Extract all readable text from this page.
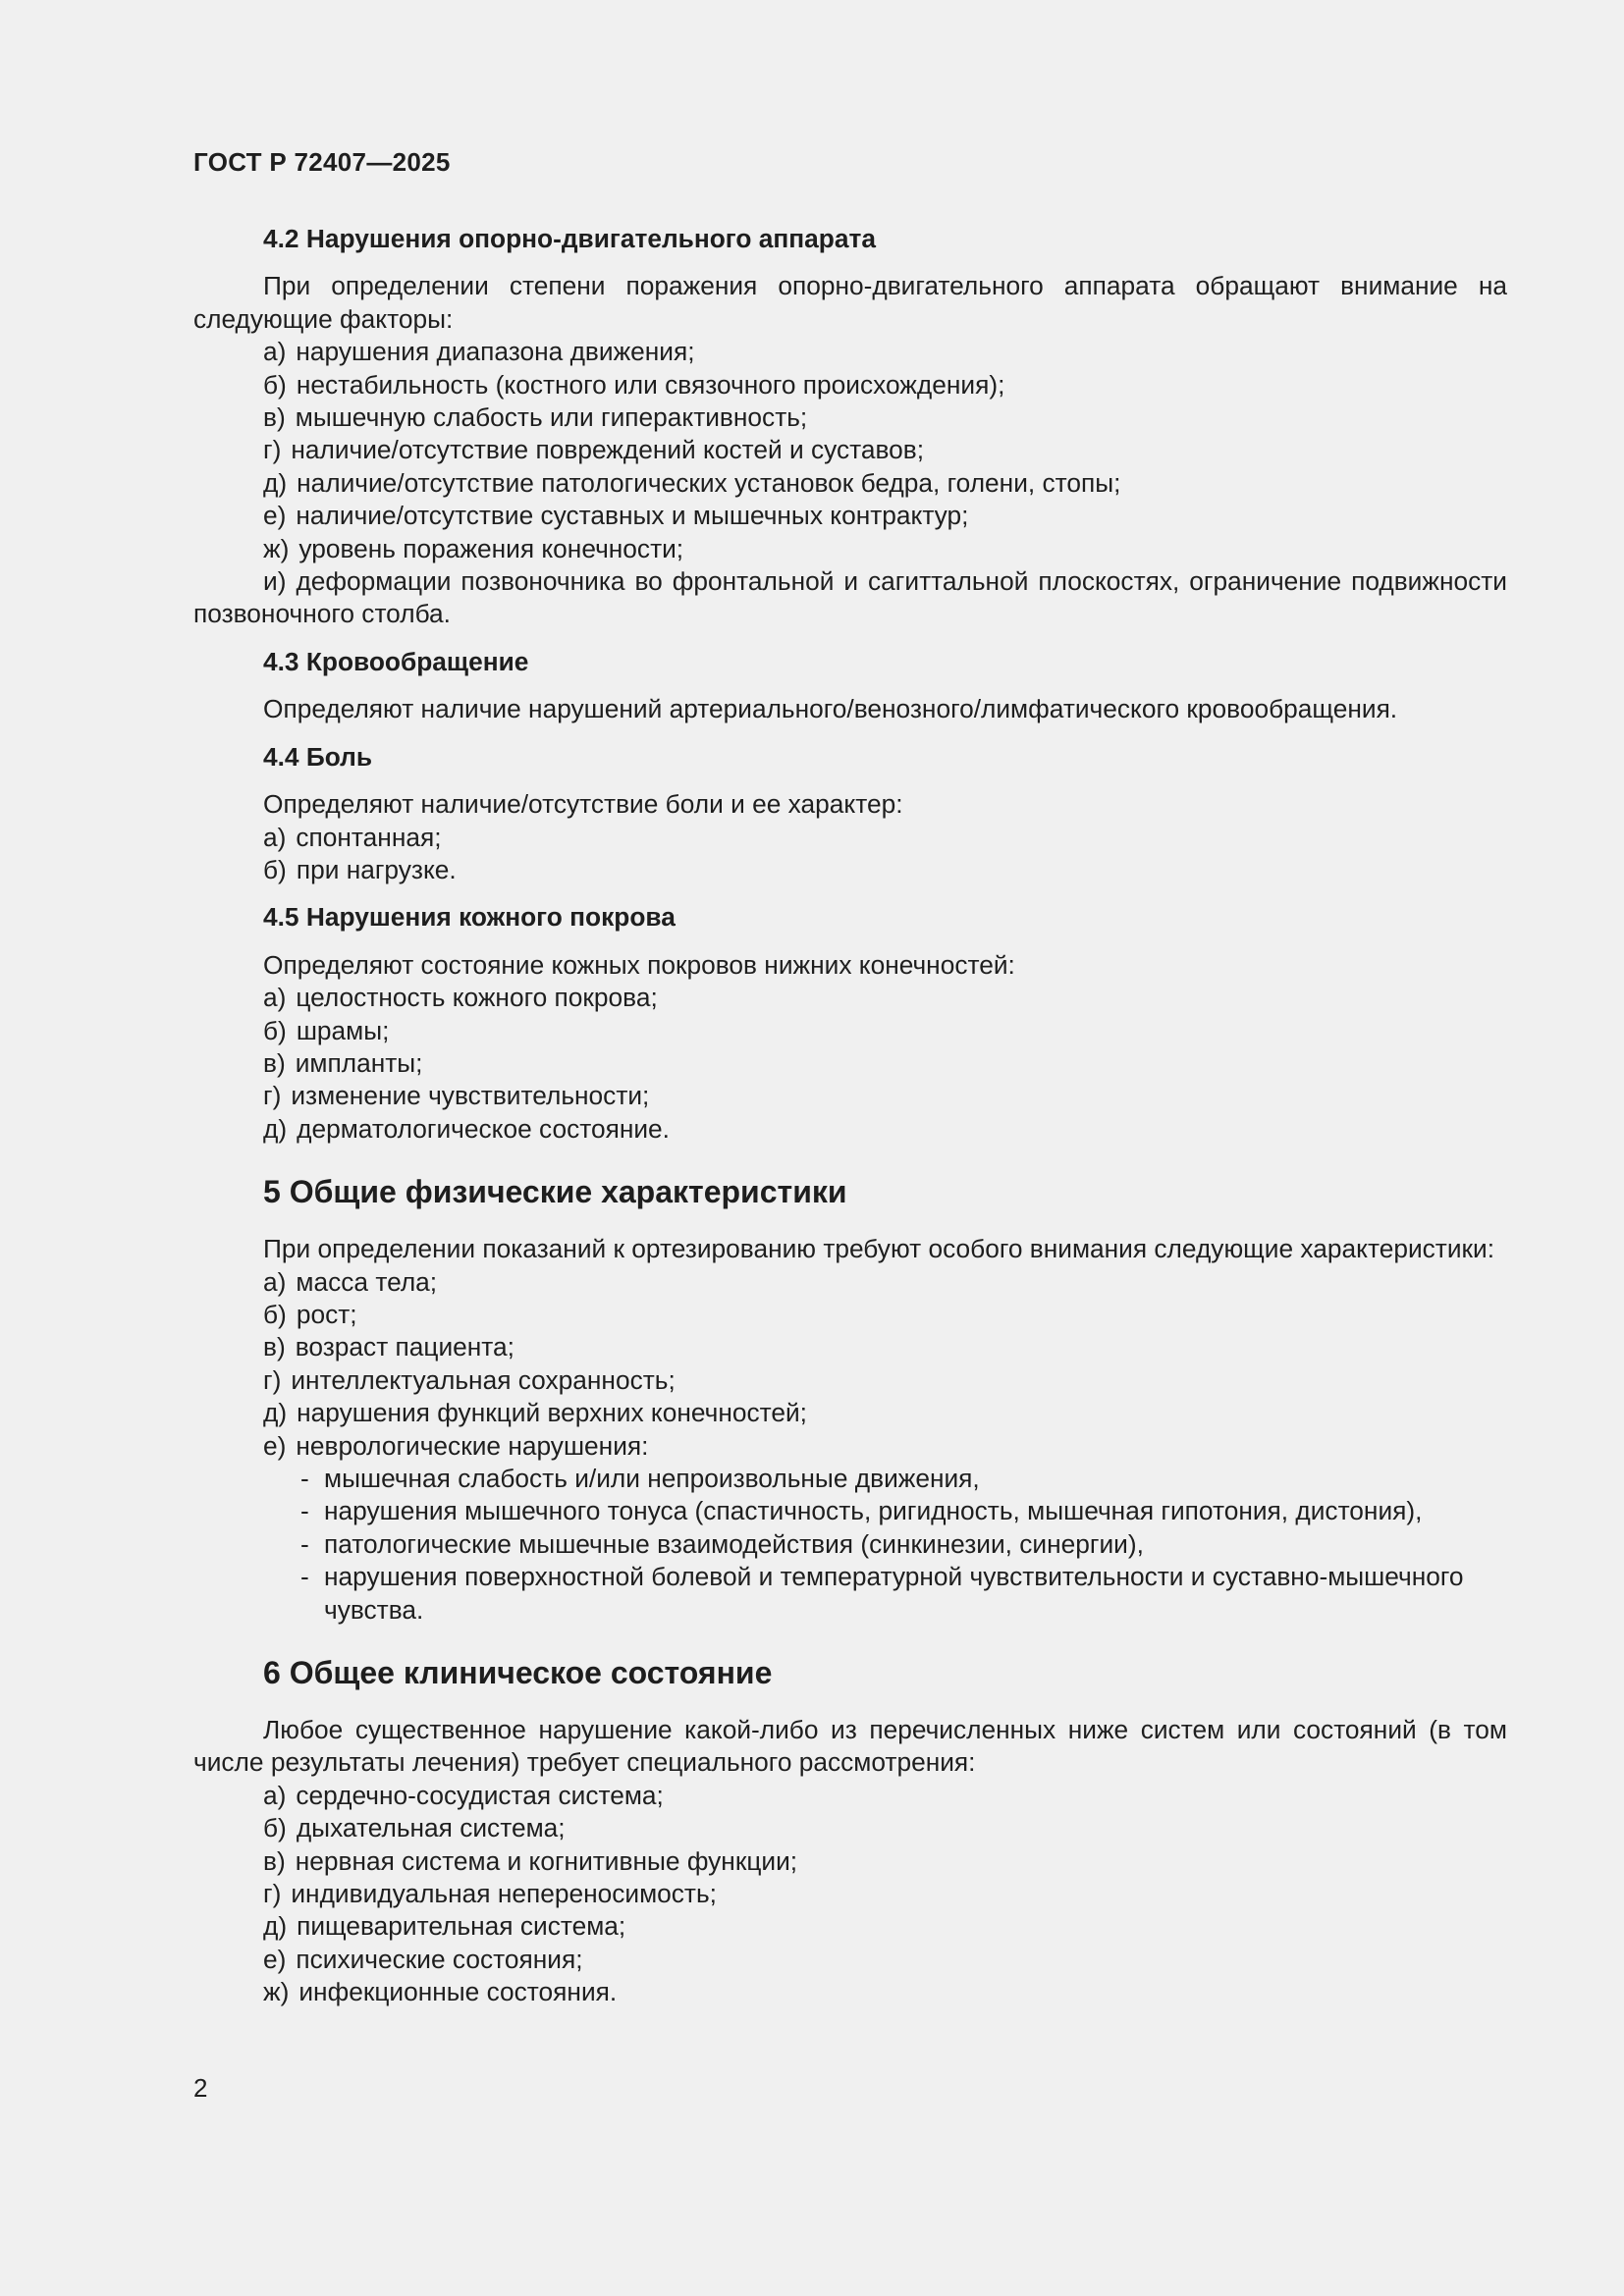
ГОСТ Р 72407—2025
4.2 Нарушения опорно-двигательного аппарата

При определении степени поражения опорно-двигательного аппарата обращают внимание на следующие факторы:

а) нарушения диапазона движения;
б) нестабильность (костного или связочного происхождения);
в) мышечную слабость или гиперактивность;
г) наличие/отсутствие повреждений костей и суставов;
д) наличие/отсутствие патологических установок бедра, голени, стопы;
е) наличие/отсутствие суставных и мышечных контрактур;
ж) уровень поражения конечности;
и) деформации позвоночника во фронтальной и сагиттальной плоскостях, ограничение подвижности позвоночного столба.
4.3 Кровообращение

Определяют наличие нарушений артериального/венозного/лимфатического кровообращения.

4.4 Боль

Определяют наличие/отсутствие боли и ее характер:

а) спонтанная;
б) при нагрузке.
4.5 Нарушения кожного покрова

Определяют состояние кожных покровов нижних конечностей:

а) целостность кожного покрова;
б) шрамы;
в) импланты;
г) изменение чувствительности;
д) дерматологическое состояние.
5 Общие физические характеристики

При определении показаний к ортезированию требуют особого внимания следующие характеристики:

а) масса тела;
б) рост;
в) возраст пациента;
г) интеллектуальная сохранность;
д) нарушения функций верхних конечностей;
е) неврологические нарушения:
- мышечная слабость и/или непроизвольные движения,
- нарушения мышечного тонуса (спастичность, ригидность, мышечная гипотония, дистония),
- патологические мышечные взаимодействия (синкинезии, синергии),
- нарушения поверхностной болевой и температурной чувствительности и суставно-мышечного чувства.
6 Общее клиническое состояние

Любое существенное нарушение какой-либо из перечисленных ниже систем или состояний (в том числе результаты лечения) требует специального рассмотрения:

а) сердечно-сосудистая система;
б) дыхательная система;
в) нервная система и когнитивные функции;
г) индивидуальная непереносимость;
д) пищеварительная система;
е) психические состояния;
ж) инфекционные состояния.
2
